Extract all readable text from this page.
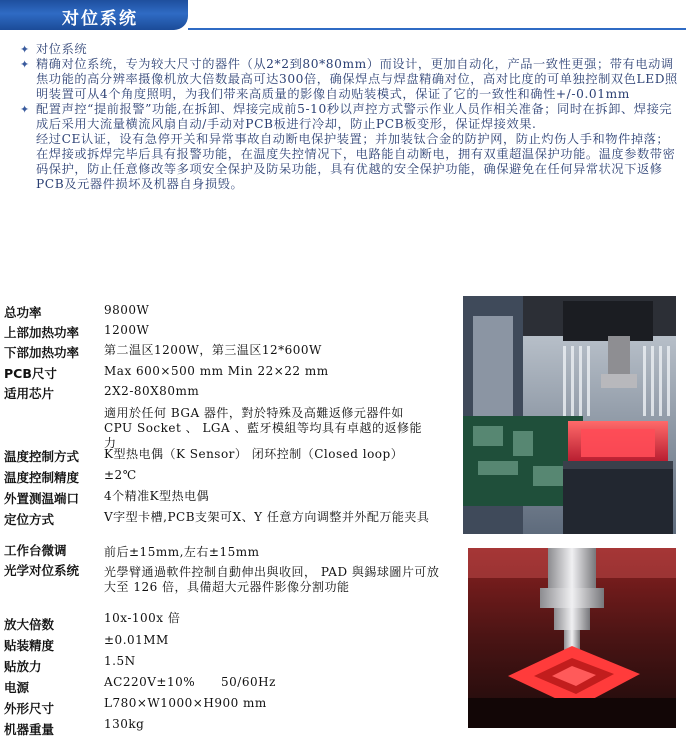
对位系统
✦ 对位系统
✦ 精确对位系统，专为较大尺寸的器件（从2*2到80*80mm）而设计，更加自动化，产品一致性更强；带有电动调焦功能的高分辨率摄像机放大倍数最高可达300倍，确保焊点与焊盘精确对位，高对比度的可单独控制双色LED照明装置可从4个角度照明，为我们带来高质量的影像自动贴装模式，保证了它的一致性和确性+/-0.01mm
✦ 配置声控“提前报警”功能,在拆卸、焊接完成前5-10秒以声控方式警示作业人员作相关准备；同时在拆卸、焊接完成后采用大流量横流风扇自动/手动对PCB板进行冷却，防止PCB板变形，保证焊接效果.
经过CE认证，设有急停开关和异常事故自动断电保护装置；并加装钛合金的防护网，防止灼伤人手和物件掉落；在焊接或拆焊完毕后具有报警功能，在温度失控情况下，电路能自动断电，拥有双重超温保护功能。温度参数带密码保护，防止任意修改等多项安全保护及防呆功能，具有优越的安全保护功能，确保避免在任何异常状况下返修PCB及元器件损坏及机器自身损毁。
总功率	9800W
上部加热功率 1200W
下部加热功率 第二温区1200W，第三温区12*600W
PCB尺寸	Max 600×500 mm Min 22×22 mm
适用芯片	2X2-80X80mm
適用於任何 BGA 器件，對於特殊及高難返修元器件如 CPU Socket 、 LGA 、藍牙模組等均具有卓越的返修能力
温度控制方式 K型热电偶（K Sensor） 闭环控制（Closed loop）
温度控制精度 ±2℃
外置测温端口 4个精准K型热电偶
定位方式	V字型卡槽,PCB支架可X、Y 任意方向调整并外配万能夹具
工作台微调	前后±15mm,左右±15mm
光学对位系统 光學臂通過軟件控制自動伸出與收回， PAD 與錫球圖片可放大至 126 倍，具備超大元器件影像分割功能
放大倍数	10x-100x 倍
贴装精度	±0.01MM
贴放力	1.5N
电源	AC220V±10%      50/60Hz
外形尺寸	L780×W1000×H900 mm
机器重量	130kg
